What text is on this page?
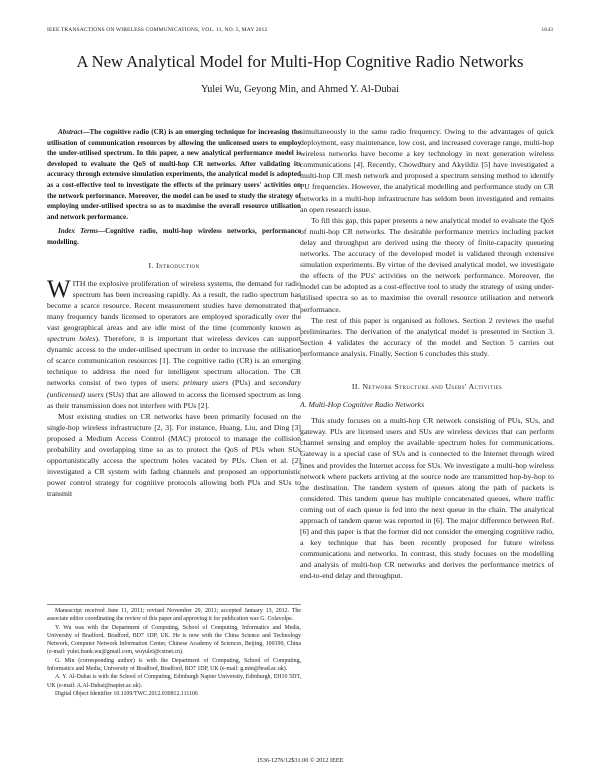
IEEE TRANSACTIONS ON WIRELESS COMMUNICATIONS, VOL. 11, NO. 5, MAY 2012	1643
A New Analytical Model for Multi-Hop Cognitive Radio Networks
Yulei Wu, Geyong Min, and Ahmed Y. Al-Dubai

Abstract—The cognitive radio (CR) is an emerging technique for increasing the utilisation of communication resources by allowing the unlicensed users to employ the under-utilised spectrum. In this paper, a new analytical performance model is developed to evaluate the QoS of multi-hop CR networks. After validating its accuracy through extensive simulation experiments, the analytical model is adopted as a cost-effective tool to investigate the effects of the primary users' activities on the network performance. Moreover, the model can be used to study the strategy of employing under-utilised spectra so as to maximise the overall resource utilisation and network performance.

Index Terms—Cognitive radio, multi-hop wireless networks, performance modelling.

I. Introduction

WITH the explosive proliferation of wireless systems, the demand for radio spectrum has been increasing rapidly. As a result, the radio spectrum has become a scarce resource. Recent measurement studies have demonstrated that many frequency bands licensed to operators are employed sporadically over the vast geographical areas and are idle most of the time (commonly known as spectrum holes). Therefore, it is important that wireless devices can support dynamic access to the under-utilised spectrum in order to increase the utilisation of scarce communication resources [1]. The cognitive radio (CR) is an emerging technique to address the need for intelligent spectrum allocation. The CR networks consist of two types of users: primary users (PUs) and secondary (unlicensed) users (SUs) that are allowed to access the licensed spectrum as long as their transmission does not interfere with PUs [2].

Most existing studies on CR networks have been primarily focused on the single-hop wireless infrastructure [2, 3]. For instance, Huang, Liu, and Ding [3] proposed a Medium Access Control (MAC) protocol to manage the collision probability and overlapping time so as to protect the QoS of PUs when SUs opportunistically access the spectrum holes vacated by PUs. Chen et al. [2] investigated a CR system with fading channels and proposed an opportunistic power control strategy for cognitive protocols allowing both PUs and SUs to transmit

Manuscript received June 11, 2011; revised November 29, 2011; accepted January 13, 2012. The associate editor coordinating the review of this paper and approving it for publication was G. Colavolpe.

Y. Wu was with the Department of Computing, School of Computing, Informatics and Media, University of Bradford, Bradford, BD7 1DP, UK. He is now with the China Science and Technology Network, Computer Network Information Center, Chinese Academy of Sciences, Beijing, 100190, China (e-mail: yulei.frank.wu@gmail.com, wuyulei@cstnet.cn).

G. Min (corresponding author) is with the Department of Computing, School of Computing, Informatics and Media, University of Bradford, Bradford, BD7 1DP, UK (e-mail: g.min@brad.ac.uk).

A. Y. Al-Dubai is with the School of Computing, Edinburgh Napier University, Edinburgh, EH10 5DT, UK (e-mail: A.Al-Dubai@napier.ac.uk).

Digital Object Identifier 10.1109/TWC.2012.030812.111106

simultaneously in the same radio frequency. Owing to the advantages of quick deployment, easy maintenance, low cost, and increased coverage range, multi-hop wireless networks have become a key technology in next generation wireless communications [4]. Recently, Chowdhury and Akyildiz [5] have investigated a multi-hop CR mesh network and proposed a spectrum sensing method to identify PU frequencies. However, the analytical modelling and performance study on CR networks in a multi-hop infrastructure has seldom been investigated and remains an open research issue.

To fill this gap, this paper presents a new analytical model to evaluate the QoS of multi-hop CR networks. The desirable performance metrics including packet delay and throughput are derived using the theory of finite-capacity queueing networks. The accuracy of the developed model is validated through extensive simulation experiments. By virtue of the devised analytical model, we investigate the effects of the PUs' activities on the network performance. Moreover, the model can be adopted as a cost-effective tool to study the strategy of using under-utilised spectra so as to maximise the overall resource utilisation and network performance.

The rest of this paper is organised as follows. Section 2 reviews the useful preliminaries. The derivation of the analytical model is presented in Section 3. Section 4 validates the accuracy of the model and Section 5 carries out performance analysis. Finally, Section 6 concludes this study.

II. Network Structure and Users' Activities
A. Multi-Hop Cognitive Radio Networks

This study focuses on a multi-hop CR network consisting of PUs, SUs, and gateway. PUs are licensed users and SUs are wireless devices that can perform channel sensing and employ the available spectrum holes for communications. Gateway is a special case of SUs and is connected to the Internet through wired lines and provides the Internet access for SUs. We investigate a multi-hop wireless network where packets arriving at the source node are transmitted hop-by-hop to the destination. The tandem system of queues along the path of packets is considered. This tandem queue has multiple concatenated queues, where traffic coming out of each queue is fed into the next queue in the chain. The analytical approach of tandem queue was reported in [6]. The major difference between Ref. [6] and this paper is that the former did not consider the emerging cognitive radio, a key technique that has been recently proposed for future wireless communications and networks. In contrast, this study focuses on the modelling and analysis of multi-hop CR networks and derives the performance metrics of end-to-end delay and throughput.

1536-1276/12$31.00 © 2012 IEEE
